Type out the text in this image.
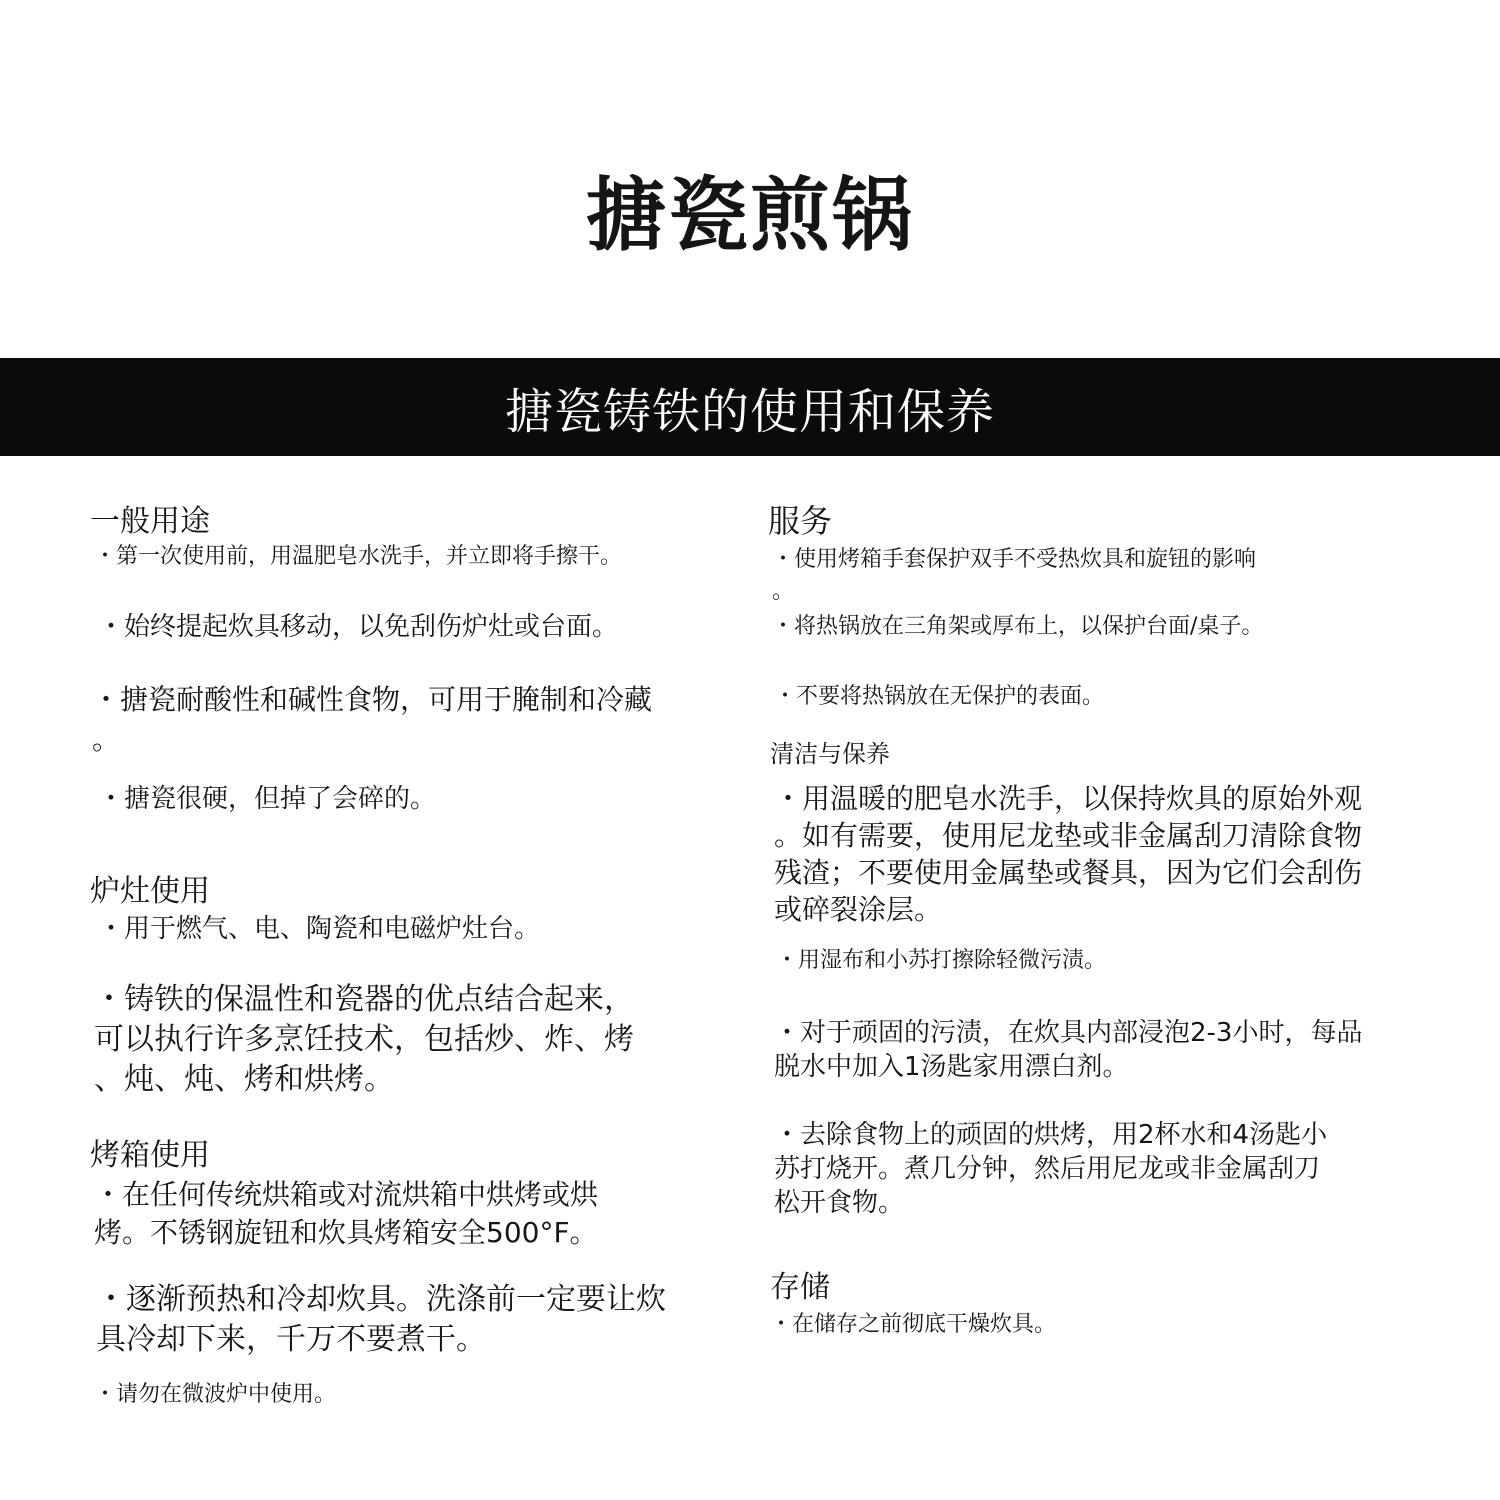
搪瓷煎锅
搪瓷铸铁的使用和保养
一般用途
・第一次使用前，用温肥皂水洗手，并立即将手擦干。
・始终提起炊具移动，以免刮伤炉灶或台面。
・搪瓷耐酸性和碱性食物，可用于腌制和冷藏
。
・搪瓷很硬，但掉了会碎的。
炉灶使用
・用于燃气、电、陶瓷和电磁炉灶台。
・铸铁的保温性和瓷器的优点结合起来，
可以执行许多烹饪技术，包括炒、炸、烤
、炖、炖、烤和烘烤。
烤箱使用
・在任何传统烘箱或对流烘箱中烘烤或烘
烤。不锈钢旋钮和炊具烤箱安全500°F。
・逐渐预热和冷却炊具。洗涤前一定要让炊
具冷却下来，千万不要煮干。
・请勿在微波炉中使用。
服务
・使用烤箱手套保护双手不受热炊具和旋钮的影响
。
・将热锅放在三角架或厚布上，以保护台面/桌子。
・不要将热锅放在无保护的表面。
清洁与保养
・用温暖的肥皂水洗手，以保持炊具的原始外观
。如有需要，使用尼龙垫或非金属刮刀清除食物
残渣；不要使用金属垫或餐具，因为它们会刮伤
或碎裂涂层。
・用湿布和小苏打擦除轻微污渍。
・对于顽固的污渍，在炊具内部浸泡2-3小时，每品
脱水中加入1汤匙家用漂白剂。
・去除食物上的顽固的烘烤，用2杯水和4汤匙小
苏打烧开。煮几分钟，然后用尼龙或非金属刮刀
松开食物。
存储
・在储存之前彻底干燥炊具。
